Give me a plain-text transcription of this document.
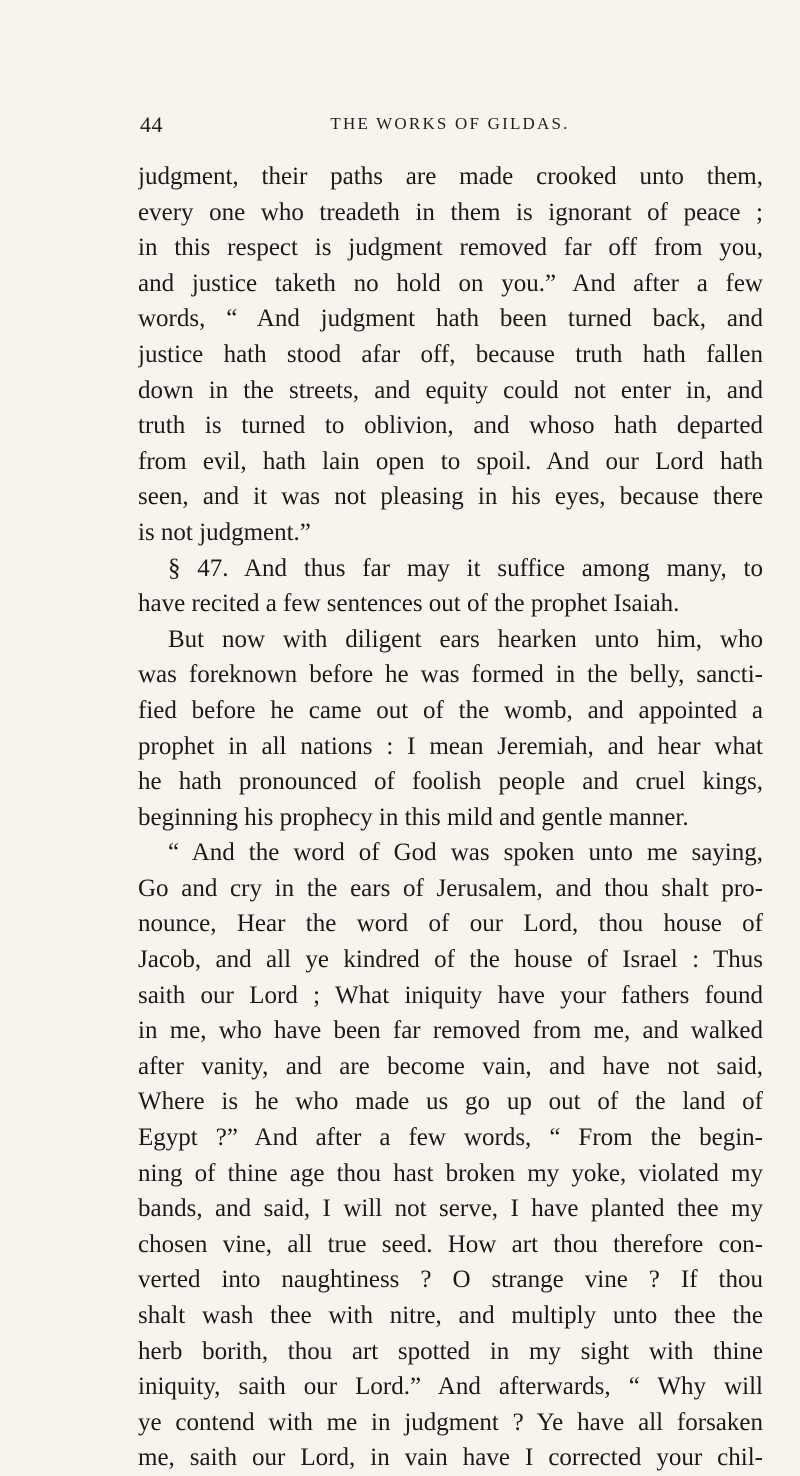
44	THE WORKS OF GILDAS.
judgment, their paths are made crooked unto them,
every one who treadeth in them is ignorant of peace ;
in this respect is judgment removed far off from you,
and justice taketh no hold on you.” And after a few
words, “ And judgment hath been turned back, and
justice hath stood afar off, because truth hath fallen
down in the streets, and equity could not enter in, and
truth is turned to oblivion, and whoso hath departed
from evil, hath lain open to spoil. And our Lord hath
seen, and it was not pleasing in his eyes, because there
is not judgment.”
§ 47. And thus far may it suffice among many, to
have recited a few sentences out of the prophet Isaiah.
But now with diligent ears hearken unto him, who
was foreknown before he was formed in the belly, sancti-
fied before he came out of the womb, and appointed a
prophet in all nations : I mean Jeremiah, and hear what
he hath pronounced of foolish people and cruel kings,
beginning his prophecy in this mild and gentle manner.
“ And the word of God was spoken unto me saying,
Go and cry in the ears of Jerusalem, and thou shalt pro-
nounce, Hear the word of our Lord, thou house of
Jacob, and all ye kindred of the house of Israel : Thus
saith our Lord ; What iniquity have your fathers found
in me, who have been far removed from me, and walked
after vanity, and are become vain, and have not said,
Where is he who made us go up out of the land of
Egypt ?” And after a few words, “ From the begin-
ning of thine age thou hast broken my yoke, violated my
bands, and said, I will not serve, I have planted thee my
chosen vine, all true seed. How art thou therefore con-
verted into naughtiness ? O strange vine ? If thou
shalt wash thee with nitre, and multiply unto thee the
herb borith, thou art spotted in my sight with thine
iniquity, saith our Lord.” And afterwards, “ Why will
ye contend with me in judgment ? Ye have all forsaken
me, saith our Lord, in vain have I corrected your chil-
